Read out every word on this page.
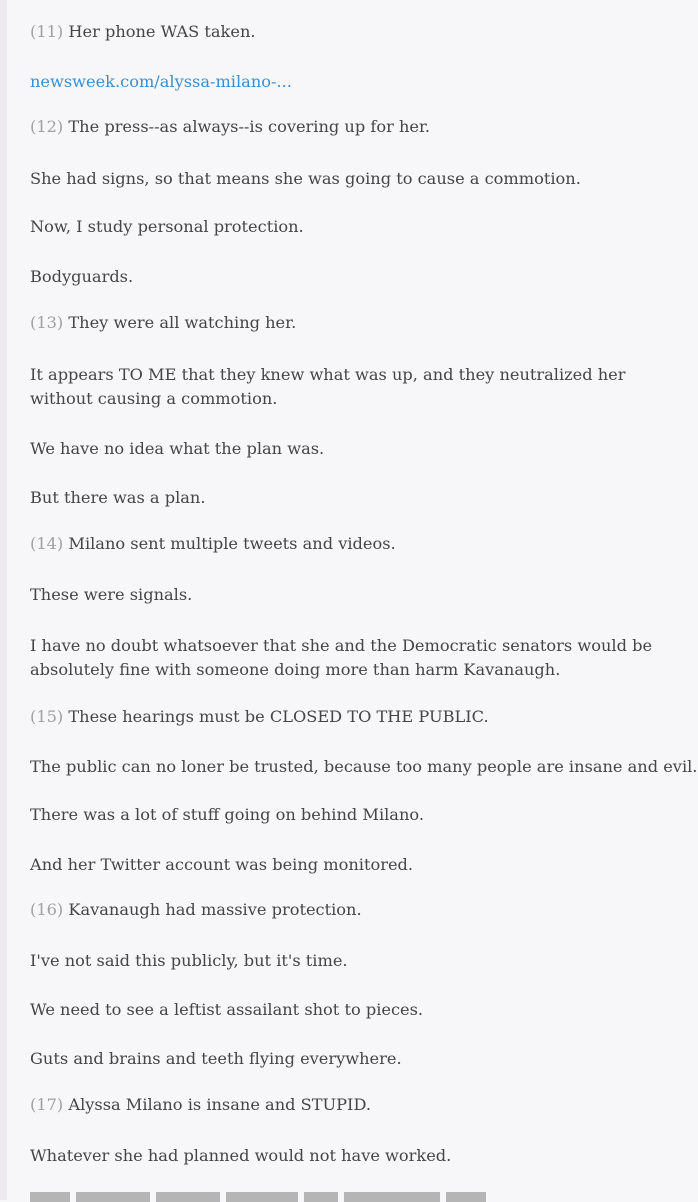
(11) Her phone WAS taken.
newsweek.com/alyssa-milano-...
(12) The press--as always--is covering up for her.
She had signs, so that means she was going to cause a commotion.
Now, I study personal protection.
Bodyguards.
(13) They were all watching her.
It appears TO ME that they knew what was up, and they neutralized her without causing a commotion.
We have no idea what the plan was.
But there was a plan.
(14) Milano sent multiple tweets and videos.
These were signals.
I have no doubt whatsoever that she and the Democratic senators would be absolutely fine with someone doing more than harm Kavanaugh.
(15) These hearings must be CLOSED TO THE PUBLIC.
The public can no loner be trusted, because too many people are insane and evil.
There was a lot of stuff going on behind Milano.
And her Twitter account was being monitored.
(16) Kavanaugh had massive protection.
I've not said this publicly, but it's time.
We need to see a leftist assailant shot to pieces.
Guts and brains and teeth flying everywhere.
(17) Alyssa Milano is insane and STUPID.
Whatever she had planned would not have worked.
